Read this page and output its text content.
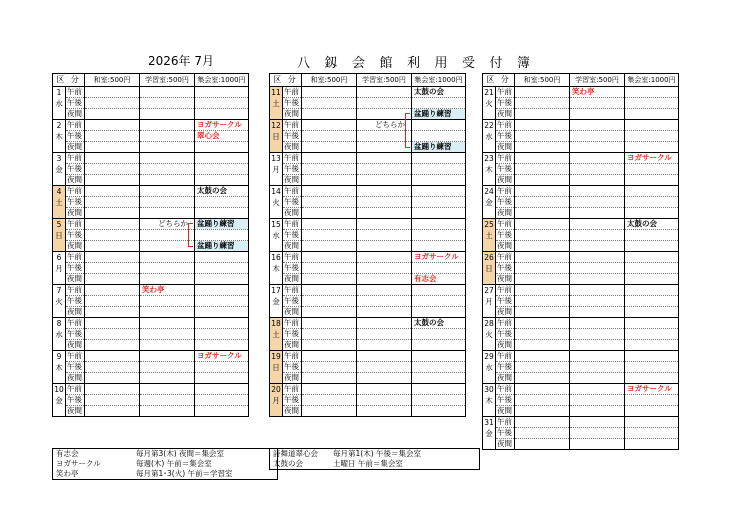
2026年 7月	八釼会館利用受付簿
区 分		和室:500円	学習室:500円	集会室:1000円

1
水	午前			
	午後			
	夜間			

2
木	午前			ヨガサークル
	午後			翠心会
	夜間			

3
金	午前			
	午後			
	夜間			

4
土	午前			太鼓の会
	午後			
	夜間			

5
日	午前		どちらか	盆踊り練習
	午後			
	夜間			盆踊り練習

6
月	午前			
	午後			
	夜間			

7
火	午前		笑わ亭	
	午後			
	夜間			

8
水	午前			
	午後			
	夜間			

9
木	午前			ヨガサークル
	午後			
	夜間			

10
金	午前			
	午後			
	夜間			
区 分		和室:500円	学習室:500円	集会室:1000円

11
土	午前			太鼓の会
	午後			
	夜間			盆踊り練習

12
日	午前		どちらか	
	午後			
	夜間			盆踊り練習

13
月	午前			
	午後			
	夜間			

14
火	午前			
	午後			
	夜間			

15
水	午前			
	午後			
	夜間			

16
木	午前			ヨガサークル
	午後			
	夜間			有志会

17
金	午前			
	午後			
	夜間			

18
土	午前			太鼓の会
	午後			
	夜間			

19
日	午前			
	午後			
	夜間			

20
月	午前			
	午後			
	夜間			
区 分		和室:500円	学習室:500円	集会室:1000円

21
火	午前		笑わ亭	
	午後			
	夜間			

22
水	午前			
	午後			
	夜間			

23
木	午前			ヨガサークル
	午後			
	夜間			

24
金	午前			
	午後			
	夜間			

25
土	午前			太鼓の会
	午後			
	夜間			

26
日	午前			
	午後			
	夜間			

27
月	午前			
	午後			
	夜間			

28
火	午前			
	午後			
	夜間			

29
水	午前			
	午後			
	夜間			

30
木	午前			ヨガサークル
	午後			
	夜間			

31
金	午前			
	午後			
	夜間			
有志会	毎月第3(木) 夜間＝集会室
ヨガサークル	毎週(木) 午前＝集会室
笑わ亭	毎月第1･3(火) 午前＝学習室
詩舞道翠心会 毎月第1(木) 午後＝集会室
太鼓の会	土曜日 午前＝集会室
